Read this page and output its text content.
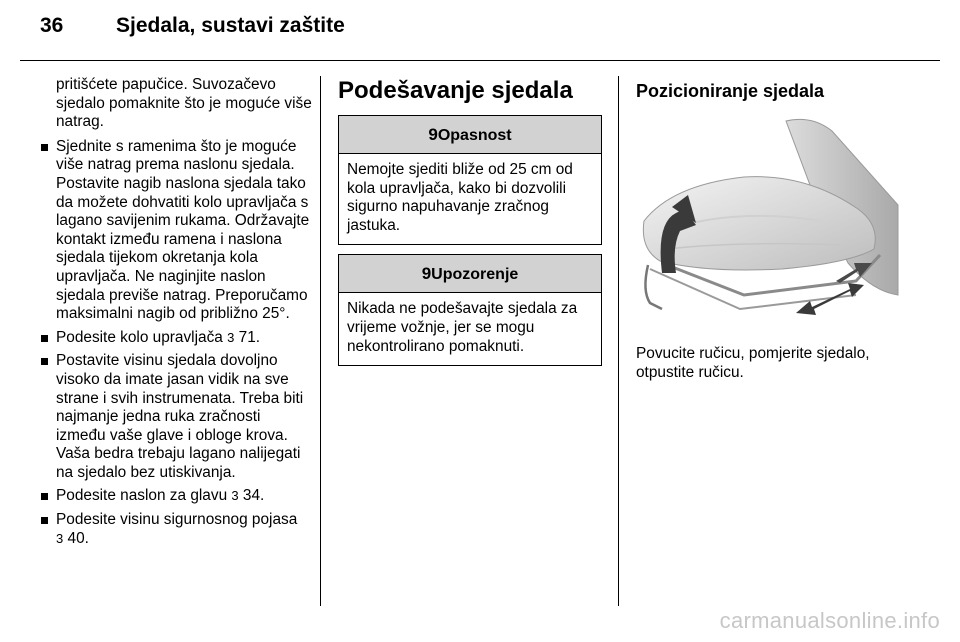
36	Sjedala, sustavi zaštite
pritišćete papučice. Suvozačevo sjedalo pomaknite što je moguće više natrag.
Sjednite s ramenima što je moguće više natrag prema naslonu sjedala. Postavite nagib naslona sjedala tako da možete dohvatiti kolo upravljača s lagano savijenim rukama. Održavajte kontakt između ramena i naslona sjedala tijekom okretanja kola upravljača. Ne naginjite naslon sjedala previše natrag. Preporučamo maksimalni nagib od približno 25°.
Podesite kolo upravljača 3 71.
Postavite visinu sjedala dovoljno visoko da imate jasan vidik na sve strane i svih instrumenata. Treba biti najmanje jedna ruka zračnosti između vaše glave i obloge krova. Vaša bedra trebaju lagano nalijegati na sjedalo bez utiskivanja.
Podesite naslon za glavu 3 34.
Podesite visinu sigurnosnog pojasa
3 40.
Podešavanje sjedala
9Opasnost
Nemojte sjediti bliže od 25 cm od kola upravljača, kako bi dozvolili sigurno napuhavanje zračnog jastuka.
9Upozorenje
Nikada ne podešavajte sjedala za vrijeme vožnje, jer se mogu nekontrolirano pomaknuti.
Pozicioniranje sjedala
Povucite ručicu, pomjerite sjedalo, otpustite ručicu.
carmanualsonline.info
